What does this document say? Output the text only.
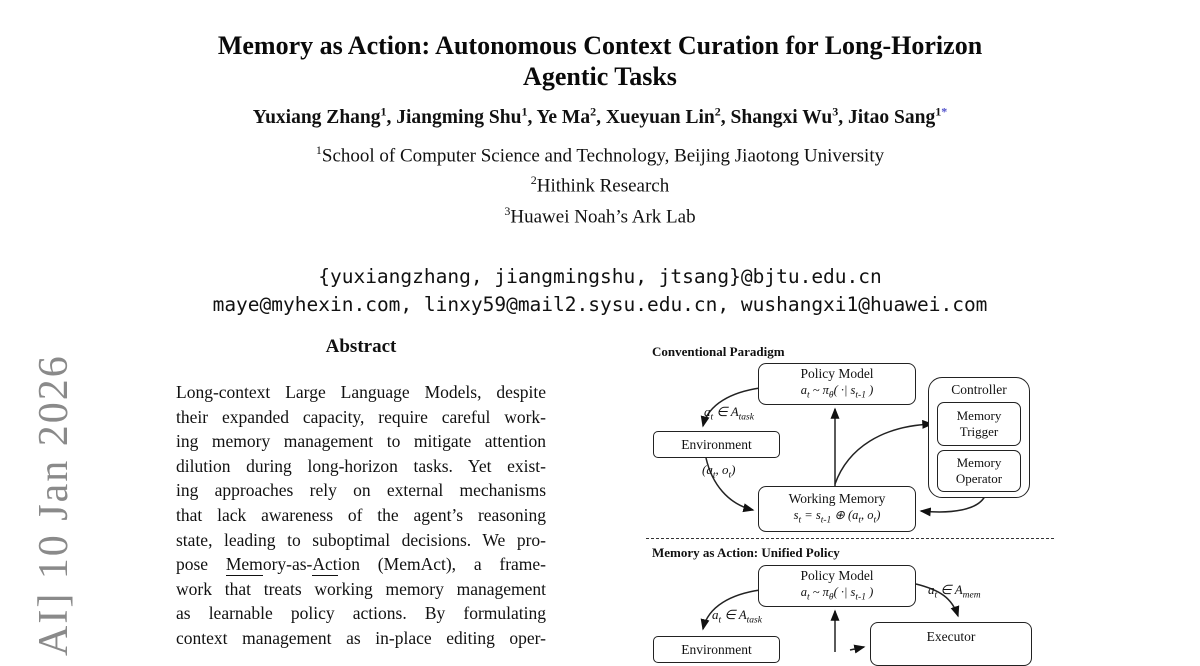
AI] 10 Jan 2026
Memory as Action: Autonomous Context Curation for Long-Horizon
Agentic Tasks
Yuxiang Zhang$^1$, Jiangming Shu$^1$, Ye Ma$^2$, Xueyuan Lin$^2$, Shangxi Wu$^3$, Jitao Sang$^{1*}$
$^1$School of Computer Science and Technology, Beijing Jiaotong University
$^2$Hithink Research
$^3$Huawei Noah’s Ark Lab
{yuxiangzhang, jiangmingshu, jtsang}@bjtu.edu.cn
maye@myhexin.com, linxy59@mail2.sysu.edu.cn, wushangxi1@huawei.com
Abstract
Long-context Large Language Models, despite
their expanded capacity, require careful work-
ing memory management to mitigate attention
dilution during long-horizon tasks. Yet exist-
ing approaches rely on external mechanisms
that lack awareness of the agent’s reasoning
state, leading to suboptimal decisions. We pro-
pose Memory-as-Action (MemAct), a frame-
work that treats working memory management
as learnable policy actions. By formulating
context management as in-place editing oper-
Conventional Paradigm
Policy Model
$a_t$ ~ $\pi_\theta$( ·| $s_{t-1}$ )	Controller
Memory Trigger
Memory Operator
Environment
Working Memory
$s_t = s_{t-1}$ ⊕ ($a_t$, $o_t$)
$a_t$ ∈ $A_{task}$
($a_t$, $o_t$)
Memory as Action: Unified Policy
Policy Model
$a_t$ ~ $\pi_\theta$( ·| $s_{t-1}$ )
$a_t$ ∈ $A_{task}$
$a_t$ ∈ $A_{mem}$
Environment
Executor
